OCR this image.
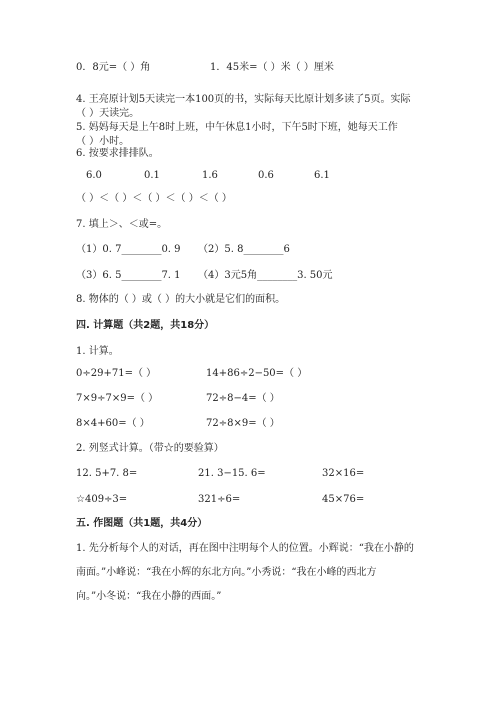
0．8元=（ ）角	1．45米=（ ）米（ ）厘米
4. 王亮原计划5天读完一本100页的书，实际每天比原计划多读了5页。实际
（ ）天读完。
5. 妈妈每天是上午8时上班，中午休息1小时，下午5时下班，她每天工作
（ ）小时。
6. 按要求排排队。
6.0	0.1	1.6	0.6	6.1
（ ）＜（ ）＜（ ）＜（ ）＜（ ）
7. 填上＞、＜或=。
（1）0. 7________0. 9 （2）5. 8________6
（3）6. 5________7. 1 （4）3元5角________3. 50元
8. 物体的（ ）或（ ）的大小就是它们的面积。
四. 计算题（共2题，共18分）
1. 计算。
0÷29+71=（ ）	14+86÷2−50=（ ）
7×9÷7×9=（ ）	72÷8−4=（ ）
8×4+60=（ ）	72÷8×9=（ ）
2. 列竖式计算。（带☆的要验算）
12. 5+7. 8=	21. 3−15. 6=	32×16=
☆409÷3=	321÷6=	45×76=
五. 作图题（共1题，共4分）
1. 先分析每个人的对话，再在图中注明每个人的位置。小辉说：“我在小静的
南面。”小峰说：“我在小辉的东北方向。”小秀说：“我在小峰的西北方
向。”小冬说：“我在小静的西面。”
